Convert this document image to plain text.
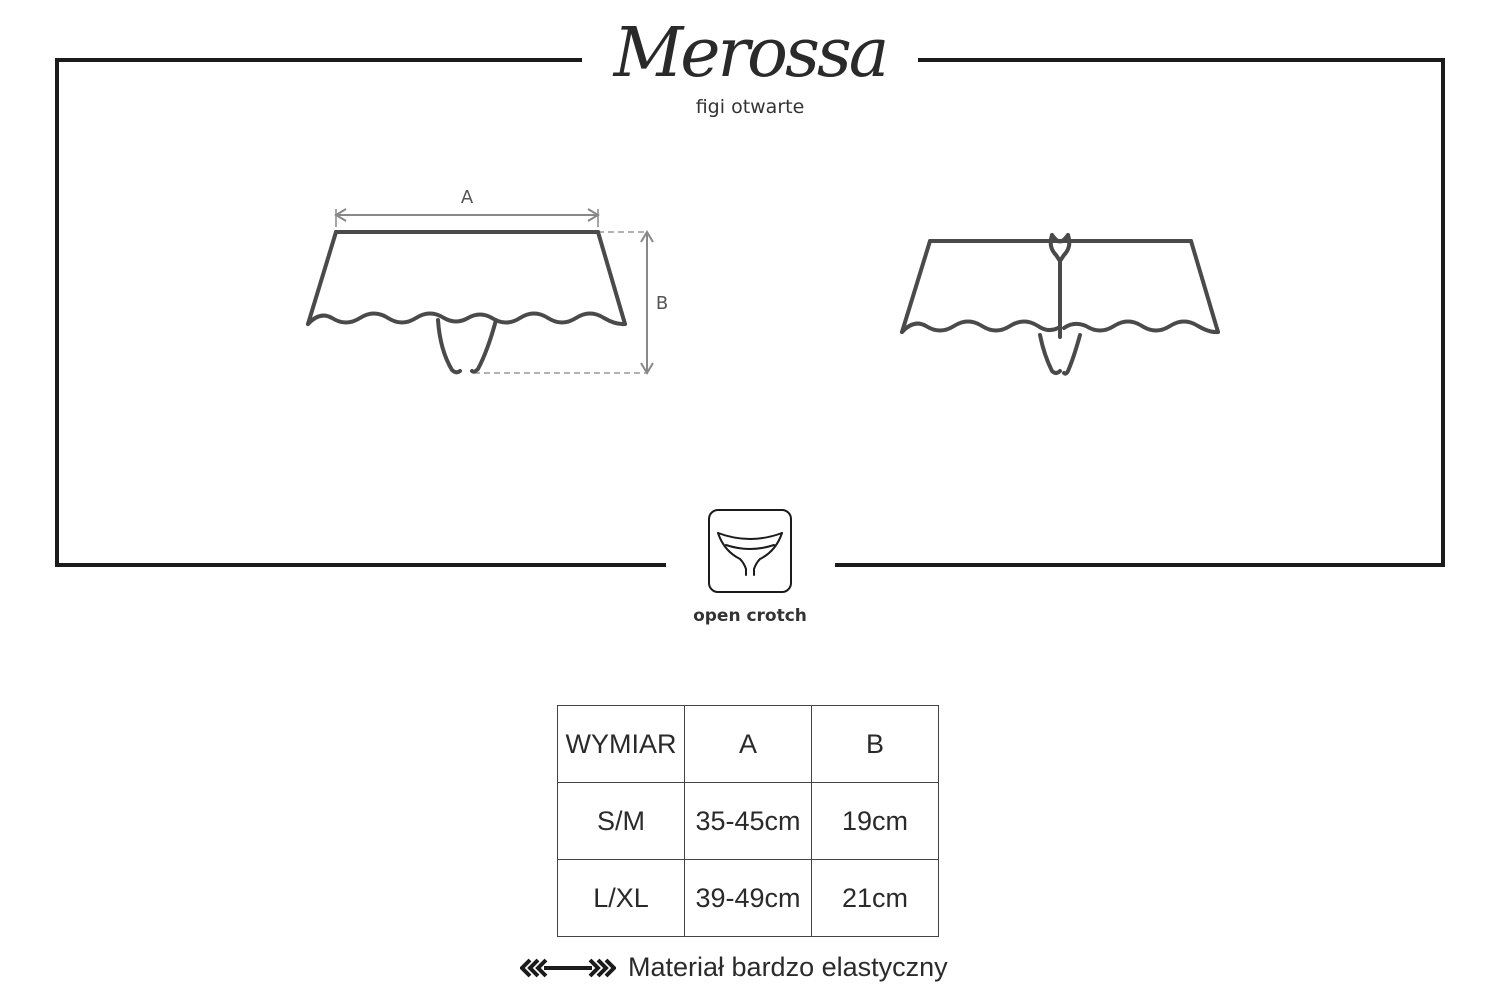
Merossa
figi otwarte
A
B
open crotch
WYMIAR	A	B
S/M	35-45cm	19cm
L/XL	39-49cm	21cm
Materiał bardzo elastyczny
